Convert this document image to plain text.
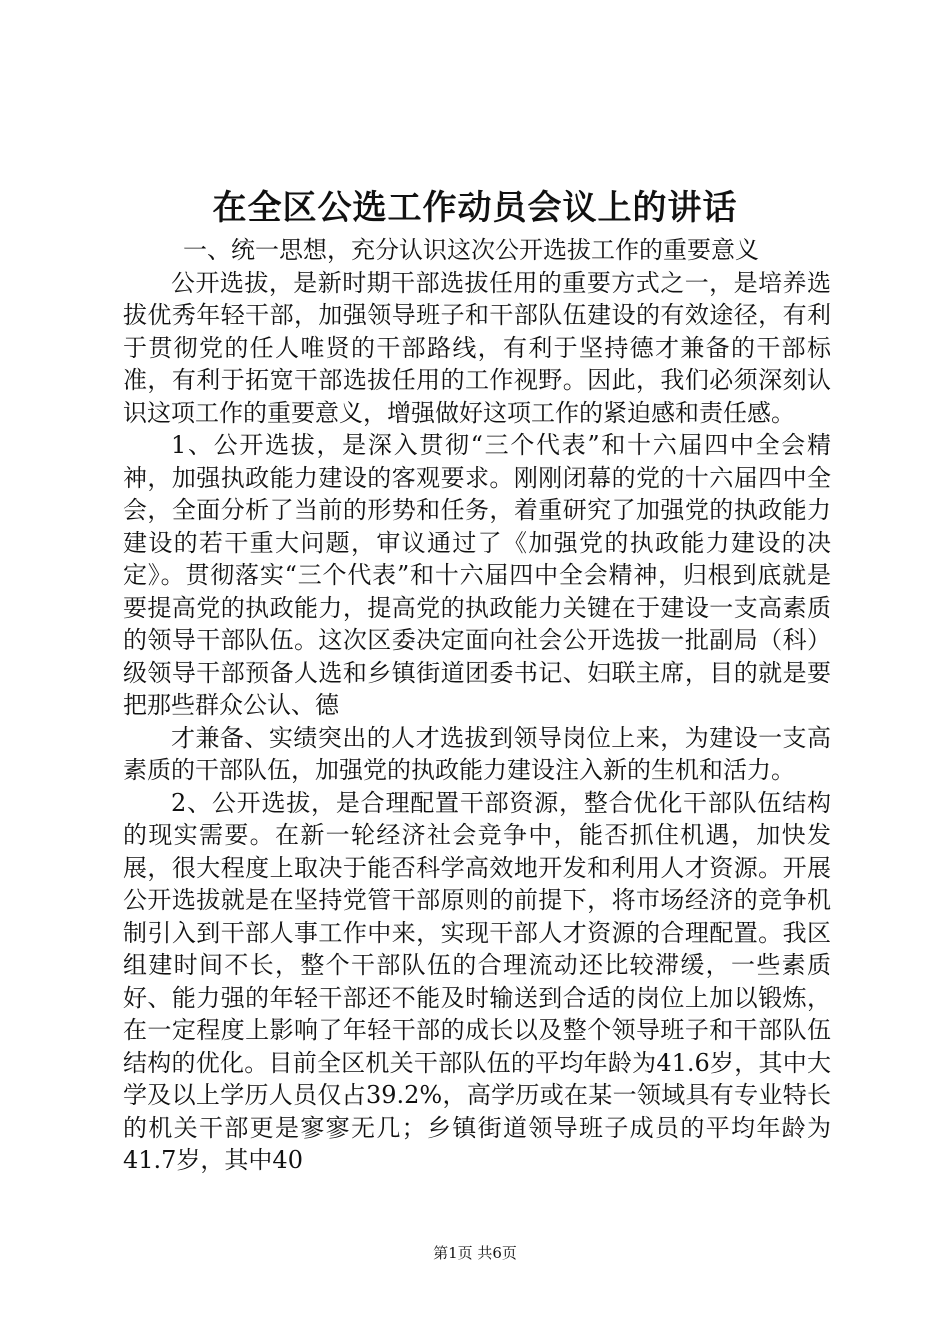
在全区公选工作动员会议上的讲话

一、统一思想，充分认识这次公开选拔工作的重要意义

公开选拔，是新时期干部选拔任用的重要方式之一，是培养选拔优秀年轻干部，加强领导班子和干部队伍建设的有效途径，有利于贯彻党的任人唯贤的干部路线，有利于坚持德才兼备的干部标准，有利于拓宽干部选拔任用的工作视野。因此，我们必须深刻认识这项工作的重要意义，增强做好这项工作的紧迫感和责任感。

1、公开选拔，是深入贯彻“三个代表”和十六届四中全会精神，加强执政能力建设的客观要求。刚刚闭幕的党的十六届四中全会，全面分析了当前的形势和任务，着重研究了加强党的执政能力建设的若干重大问题，审议通过了《加强党的执政能力建设的决定》。贯彻落实“三个代表”和十六届四中全会精神，归根到底就是要提高党的执政能力，提高党的执政能力关键在于建设一支高素质的领导干部队伍。这次区委决定面向社会公开选拔一批副局（科）级领导干部预备人选和乡镇街道团委书记、妇联主席，目的就是要把那些群众公认、德

才兼备、实绩突出的人才选拔到领导岗位上来，为建设一支高素质的干部队伍，加强党的执政能力建设注入新的生机和活力。

2、公开选拔，是合理配置干部资源，整合优化干部队伍结构的现实需要。在新一轮经济社会竞争中，能否抓住机遇，加快发展，很大程度上取决于能否科学高效地开发和利用人才资源。开展公开选拔就是在坚持党管干部原则的前提下，将市场经济的竞争机制引入到干部人事工作中来，实现干部人才资源的合理配置。我区组建时间不长，整个干部队伍的合理流动还比较滞缓，一些素质好、能力强的年轻干部还不能及时输送到合适的岗位上加以锻炼，在一定程度上影响了年轻干部的成长以及整个领导班子和干部队伍结构的优化。目前全区机关干部队伍的平均年龄为41.6岁，其中大学及以上学历人员仅占39.2%，高学历或在某一领域具有专业特长的机关干部更是寥寥无几；乡镇街道领导班子成员的平均年龄为41.7岁，其中40

第1页 共6页
